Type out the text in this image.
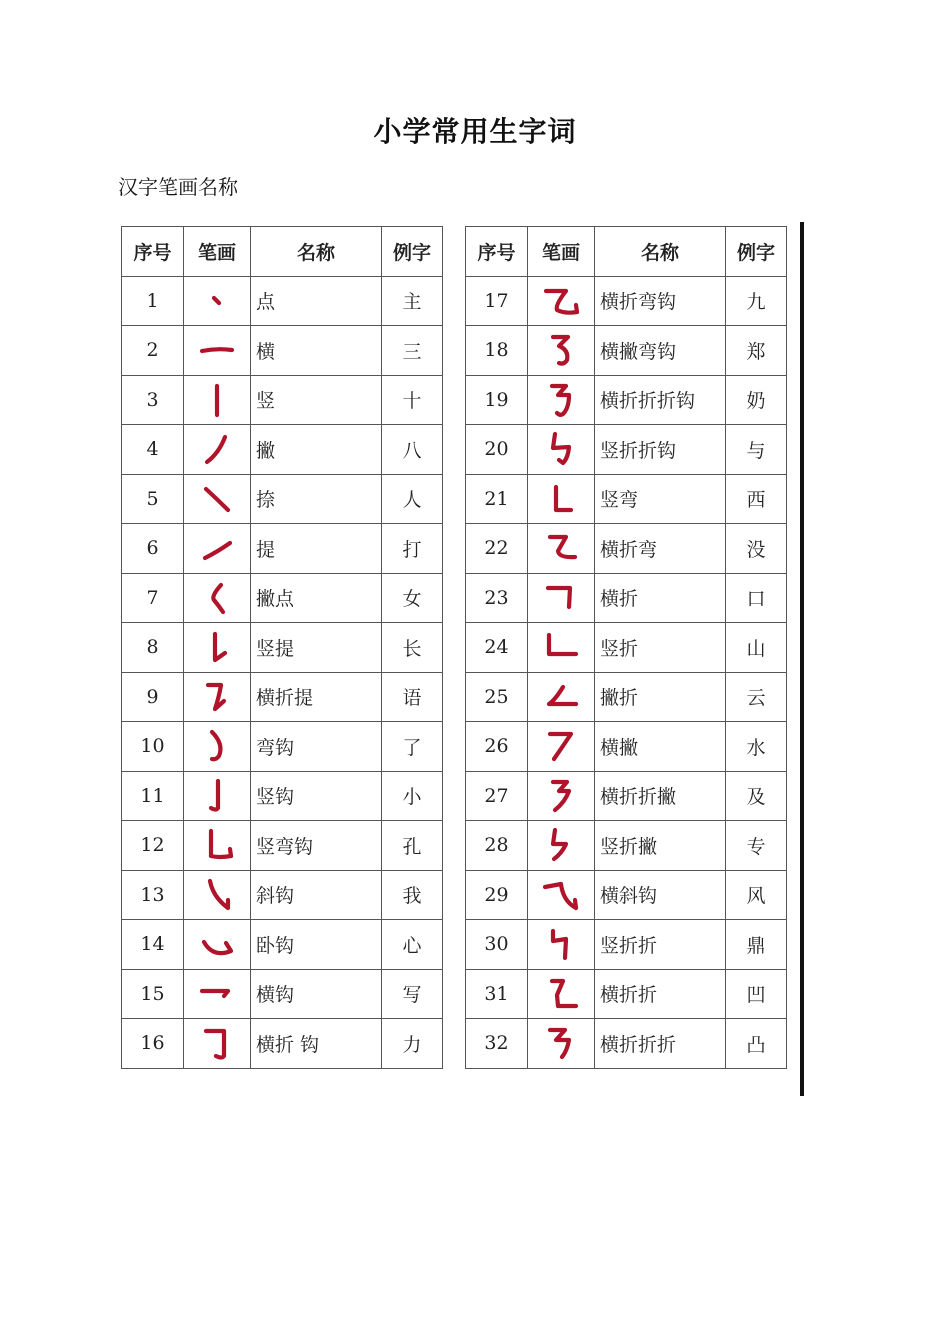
小学常用生字词
汉字笔画名称
序号	笔画	名称	例字
1		点	主
2		横	三
3		竖	十
4		撇	八
5		捺	人
6		提	打
7		撇点	女
8		竖提	长
9		横折提	语
10		弯钩	了
11		竖钩	小
12		竖弯钩	孔
13		斜钩	我
14		卧钩	心
15		横钩	写
16		横折 钩	力
序号	笔画	名称	例字
17		横折弯钩	九
18		横撇弯钩	郑
19		横折折折钩	奶
20		竖折折钩	与
21		竖弯	西
22		横折弯	没
23		横折	口
24		竖折	山
25		撇折	云
26		横撇	水
27		横折折撇	及
28		竖折撇	专
29		横斜钩	风
30		竖折折	鼎
31		横折折	凹
32		横折折折	凸
